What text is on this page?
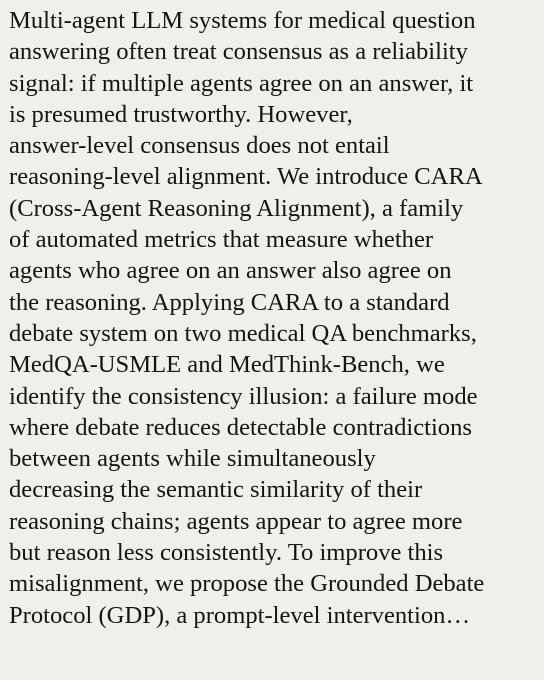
Multi-agent LLM systems for medical question
answering often treat consensus as a reliability
signal: if multiple agents agree on an answer, it
is presumed trustworthy. However,
answer-level consensus does not entail
reasoning-level alignment. We introduce CARA
(Cross-Agent Reasoning Alignment), a family
of automated metrics that measure whether
agents who agree on an answer also agree on
the reasoning. Applying CARA to a standard
debate system on two medical QA benchmarks,
MedQA-USMLE and MedThink-Bench, we
identify the consistency illusion: a failure mode
where debate reduces detectable contradictions
between agents while simultaneously
decreasing the semantic similarity of their
reasoning chains; agents appear to agree more
but reason less consistently. To improve this
misalignment, we propose the Grounded Debate
Protocol (GDP), a prompt-level intervention…
